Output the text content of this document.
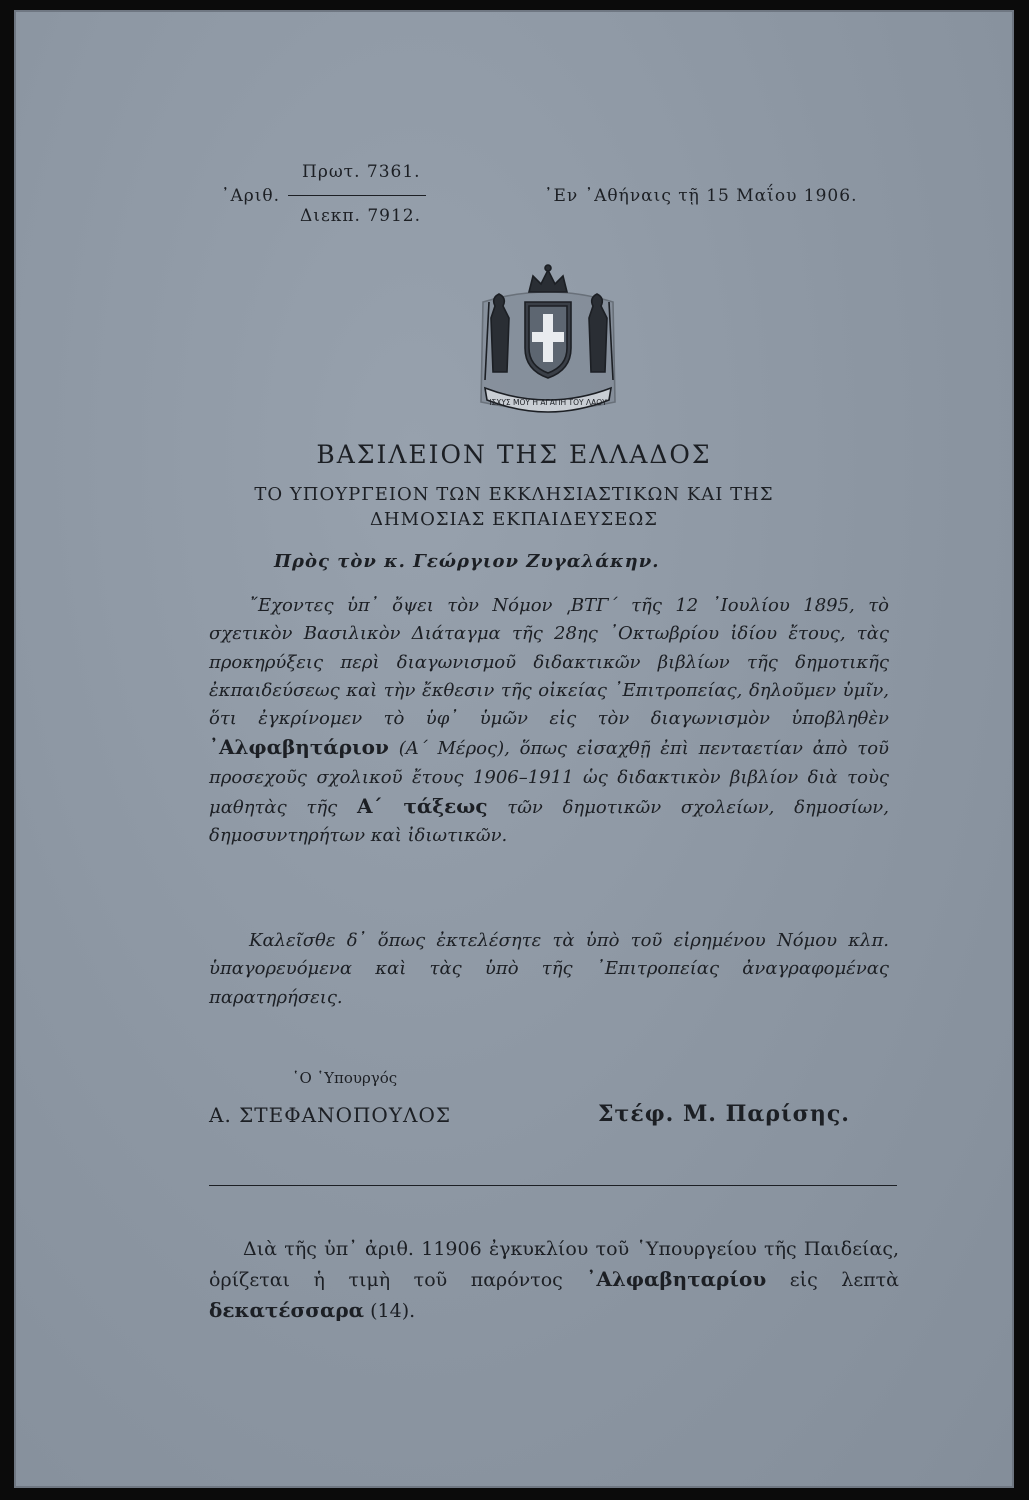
᾿Αριθ.
Πρωτ. 7361.
Διεκπ. 7912.
᾿Εν ᾿Αθήναις τῇ 15 Μαΐου 1906.
ΙΣΧΥΣ ΜΟΥ Η ΑΓΑΠΗ ΤΟΥ ΛΑΟΥ
ΒΑΣΙΛΕΙΟΝ ΤΗΣ ΕΛΛΑΔΟΣ
ΤΟ ΥΠΟΥΡΓΕΙΟΝ ΤΩΝ ΕΚΚΛΗΣΙΑΣΤΙΚΩΝ ΚΑΙ ΤΗΣ
ΔΗΜΟΣΙΑΣ ΕΚΠΑΙΔΕΥΣΕΩΣ
Πρὸς τὸν κ. Γεώργιον Ζυγαλάκην.

῎Εχοντες ὑπ᾿ ὄψει τὸν Νόμον ͵ΒΤΓ΄ τῆς 12 ᾿Ιουλίου 1895, τὸ σχετικὸν Βασιλικὸν Διάταγμα τῆς 28ης ᾿Οκτωβρίου ἰδίου ἔτους, τὰς προκηρύξεις περὶ διαγωνισμοῦ διδακτικῶν βιβλίων τῆς δημοτικῆς ἐκπαιδεύσεως καὶ τὴν ἔκθεσιν τῆς οἰκείας ᾿Επιτροπείας, δηλοῦμεν ὑμῖν, ὅτι ἐγκρίνομεν τὸ ὑφ᾿ ὑμῶν εἰς τὸν διαγωνισμὸν ὑποβληθὲν ᾿Αλφαβητάριον (Α΄ Μέρος), ὅπως εἰσαχθῇ ἐπὶ πενταετίαν ἀπὸ τοῦ προσεχοῦς σχολικοῦ ἔτους 1906–1911 ὡς διδακτικὸν βιβλίον διὰ τοὺς μαθητὰς τῆς Α΄ τάξεως τῶν δημοτικῶν σχολείων, δημοσίων, δημοσυντηρήτων καὶ ἰδιωτικῶν.

Καλεῖσθε δ᾿ ὅπως ἐκτελέσητε τὰ ὑπὸ τοῦ εἰρημένου Νόμου κλπ. ὑπαγορευόμενα καὶ τὰς ὑπὸ τῆς ᾿Επιτροπείας ἀναγραφομένας παρατηρήσεις.

῾Ο ῾Υπουργός
Α. ΣΤΕΦΑΝΟΠΟΥΛΟΣ	Στέφ. Μ. Παρίσης.

Διὰ τῆς ὑπ᾿ ἀριθ. 11906 ἐγκυκλίου τοῦ ῾Υπουργείου τῆς Παιδείας, ὁρίζεται ἡ τιμὴ τοῦ παρόντος ᾿Αλφαβηταρίου εἰς λεπτὰ δεκατέσσαρα (14).
